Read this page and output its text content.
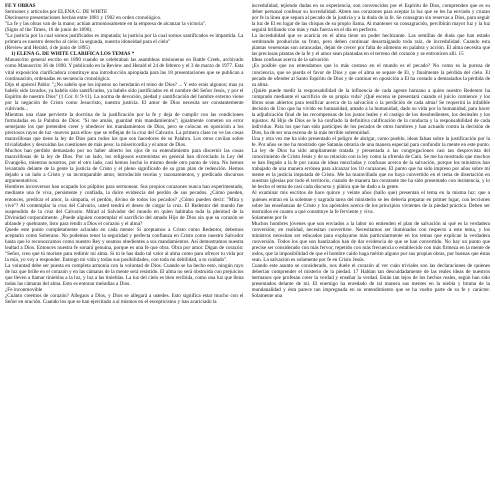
FE Y OBRAS

Sermones y artículos por ELENA G. DE WHITE

Diecinueve presentaciones hechas entre 1881 y 1902 en orden cronológico.

"La fe y las obras van de la mano; actúan armoniosamente en la empresa de alcanzar la victoria".

(Signs of the Times, 16 de junio de 1890).

"La justicia por la cual somos justificados es imputada; la justicia por la cual somos santificados es impartida. La primera es nuestro derecho al cielo; la segunda, nuestra idoneidad para el cielo"

(Review and Herald, 4 de junio de 1895)

1) ELENA G. DE WHITE CLARIFICA LOS TEMAS *

Manuscrito general escrito en 1890 cuando se celebraban las asambleas misioneras en Battle Creek, archivado como Manuscrito 36 de 1890. Y publicado en la Review and Herald el 24 de febrero y el 3 de marzo de 1977. Esta vital exposición clarificadora constituye una introducción apropiada para las 18 presentaciones que se publican a continuación, ordenadas en secuencia cronológica.

Dijo el apóstol Pablo: "¿No sabéis que los injustos no heredarán el reino de Dios? ... Y esto erais algunos; mas ya habéis sido lavados, ya habéis sido santificados, ya habéis sido justificados en el nombre del Señor Jesús, y por el Espíritu de nuestro Dios" (1 Cor. 6: 9-11). La norma de devoción, piedad y santificación del hombre externo viene por la negación de Cristo como Jesucristo, nuestra justicia. El amor de Dios necesita ser constantemente cultivado...

Mientras una clase pervierte la doctrina de la justificación por la fe y deja de cumplir con las condiciones formuladas en la Palabra de Dios: "Si me amáis, guardad mis mandamientos"; igualmente cometen un error semejante los que pretenden creer y obedecer los mandamientos de Dios, pero se colocan en oposición a los preciosos rayos de luz -nuevos para ellos- que se reflejan de la cruz del Calvario. La primera clase no ve las cosas maravillosas que tiene la ley de Dios para todos los que son hacedores de su Palabra. Los otros cavilan sobre trivialidades y descuidan las cuestiones de más peso: la misericordia y el amor de Dios.

Muchos han perdido demasiado por no haber abierto los ojos de su entendimiento para discernir las cosas maravillosas de la ley de Dios. Por un lado, los religiosos extremistas en general han divorciado la Ley del Evangelio, mientras nosotros, por el otro lado, casi hemos hecho lo mismo desde otro punto de vista. No hemos levantado delante de la gente la justicia de Cristo y el pleno significado de su gran plan de redención. Hemos dejado a un lado a Cristo y su incomparable amor, introducido teorías y razonamientos, y predicado discursos argumentativos.

Hombres inconversos han ocupado los púlpitos para sermonear. Sus propios corazones nunca han experimentado, mediante una fe viva, persistente y confiada, la dulce evidencia del perdón de sus pecados. ¿Cómo pueden, entonces, predicar el amor, la simpatía, el perdón, divino de todos los pecados? ¿Cómo pueden decir: "Mira y vive"? Al contemplar la cruz del Calvario, usted tendrá el deseo de cargar la cruz. El Redentor del mundo fue suspendido de la cruz del Calvario. Mirad al Salvador del mundo en quien habitaba toda la plenitud de la Divinidad corporalmente. ¿Puede alguien contemplar el sacrificio del amado Hijo de Dios sin que su corazón se ablande y quebrante, listo para rendir a Dios el corazón y el alma?

Quede este punto completamente aclarado en cada mente: Si aceptamos a Cristo como Redentor, debemos aceptarlo como Soberano. No podemos tener la seguridad y perfecta confianza en Cristo como nuestro Salvador hasta que lo reconozcamos como nuestro Rey y seamos obedientes a sus mandamientos. Así demostramos nuestra lealtad a Dios. Entonces nuestra fe sonará genuina, porque es una fe que obra. Obra por amor. Digan de corazón: "Señor, creo que tú moriste para redimir mi alma. Si tú le has dado tal valor al alma como para ofrecer tu vida por la mía, yo voy a responder. Entrego mi vida y todas sus posibilidades, con toda mi debilidad, a tu cuidado".

La voluntad debe ser puesta en completa armonía con la voluntad de Dios. Cuando se ha hecho esto, ningún rayo de luz que brille en el corazón y en las cámaras de la mente será resistido. El alma no será obstruida con prejuicios que lleven a llamar tinieblas a la luz, y luz a las tinieblas. La luz del cielo es bien recibida, como una luz que llena todas las cámaras del alma. Esto es entonar melodías a Dios.

¿Fe inconmovible

¿Cuánto creemos de corazón? Allegaos a Dios, y Dios se allegará a ustedes. Esto significa estar mucho con el Señor en oración. Cuando los que se han ejercitado a sí mismos en el escepticismo y han acariciado la

incredulidad, tejiendo dudas en su experiencia, son convencidos por el Espíritu de Dios, comprenden que es su deber personal confesar su incredulidad. Abren sus corazones para aceptar la luz que se les ha enviado y cruzan por fe la línea que separa al pecado de la justicia y a la duda de la fe. Se consagran sin reservas a Dios, para seguir la luz de El en lugar de las chispas de su propio llama. Al mantener su consagración, percibirán mayor luz y la luz seguirá brillando con más y más fuerza en el día en perfecto.

La incredulidad que se acaricia en el alma tiene un poder hechizante. Las semillas de duda que han estado sembrando producirán su fruto, pero deben continuar desarraigando toda raíz, de incredulidad. Cuando esta plantas venenosas son arrancadas, dejan de crecer por falta de alimento en palabra y acción. El alma necesita que las preciosas plantas de la fe y el amor sean plantadas en el terreno del corazón y se entronicen allí. 15

Ideas confusas acerca de la salvación

¿Es posible que no entendamos que lo más costoso en el mundo es el pecado? No como es la pureza de conciencia, que se pierda el favor de Dios y que el alma se separe de El, y finalmente la pérdida del cielo. El pecado de ofender al Santo Espíritu de Dios y de caminar en oposición a El ha costado a demasiados la pérdida de su alma.

¿Quién puede medir la responsabilidad de la influencia de cada agente humano a quien nuestro Redentor ha comprado mediante el sacrificio de su propia vida? ¡Qué escena se presentará cuando el juicio comience y los libros sean abiertos para testificar acerca de la salvación o la perdición de cada alma! Se requerirá la infalible decisión de Uno que ha vivido en humanidad, amado a la humanidad, dado su vida por la humanidad, para hacer la adjudicación final de las recompensas de los justos leales y el castigo de los desobedientes, los desleales y los injustos. Al Hijo de Dios se le ha confiado la definitiva calificación de la conducta y la responsabilidad de cada individuo. Para los que han sido partícipes de los pecados de otros hombres y han actuado contra la decisión de Dios, ha de ser una escena de la más terrible solemnidad.

Una y otra vez me ha sido presentado el peligro de abrigar, como pueblo, ideas falsas sobre la justificación por la fe. Por años se me ha mostrado que Satanás obraría de una manera especial para confundir la mente en este punto. La ley de Dios ha sido ampliamente tratada y presentada a las congregaciones casi tan desprovista del conocimiento de Cristo Jesús y de su relación con la ley como la ofrenda de Caín. Se me ha mostrado que muchos se han llegado a la fe por causa de ideas mezcladas y confusas acerca de la salvación, porque los ministros han trabajado de una manera errónea para alcanzar los 10 corazones. El punto que ha sido impreso por años sobre mi mente es la justicia imputada de Cristo. Me ha maravillado que no haya convertido en el tema de disertación en nuestras iglesias por todo el territorio, cuando de manera tan constante me ha sido presentado con insistencia, y lo he hecho el tema de casi cada discurso y plática que he dado a la gente.

Al examinar mis escritos de hace quince y veinte años (hallo que) presentan el tema en la misma luz: que a quienes entran en la solemne y sagrada tarea del ministerio se les debería preparar en primer lugar, con lecciones sobre las enseñanzas de Cristo y los apóstoles acerca de los principios vivientes de la piedad práctica. Deben ser instruidos en cuanto a qué constituye la fe ferviente y viva.

Solamente por fe

Muchos hombres jóvenes que son enviados a la labor no entienden el plan de salvación ni qué es la verdadera conversión; en realidad, necesitan convertirse. Necesitamos ser iluminados con respecto a este tema, y los ministros necesitan ser educados para explayarse más particularmente en los temas que explican la verdadera conversión. Todos los que son bautizados han de dar evidencia de que se han convertido. No hay un punto que precise ser considerado con más fervor, repetido con más frecuencia o establecido con más firmeza en la mente de todos, que la imposibilidad de que el hombre caído haga mérito alguno por sus propias obras, por buenas que éstas sean. La salvación es solamente por fe en Cristo Jesús.

Cuando este asunto se considerado, nos duele el corazón al ver cuán triviales son las declaraciones de quienes deberían comprender el misterio de la piedad. 17 Hablan tan descuidadamente de las reales ideas de nuestros hermanos que profesan creer la verdad y enseñar la verdad. Están tan lejos de los hechos reales, según han sido presentados delante de mí. El enemigo ha enredado de tal manera sus mentes en la niebla y bruma de la mundanalidad y ésta parece tan impregnada en su entendimiento que se ha vuelto parte de su fe y carácter. Solamente una
